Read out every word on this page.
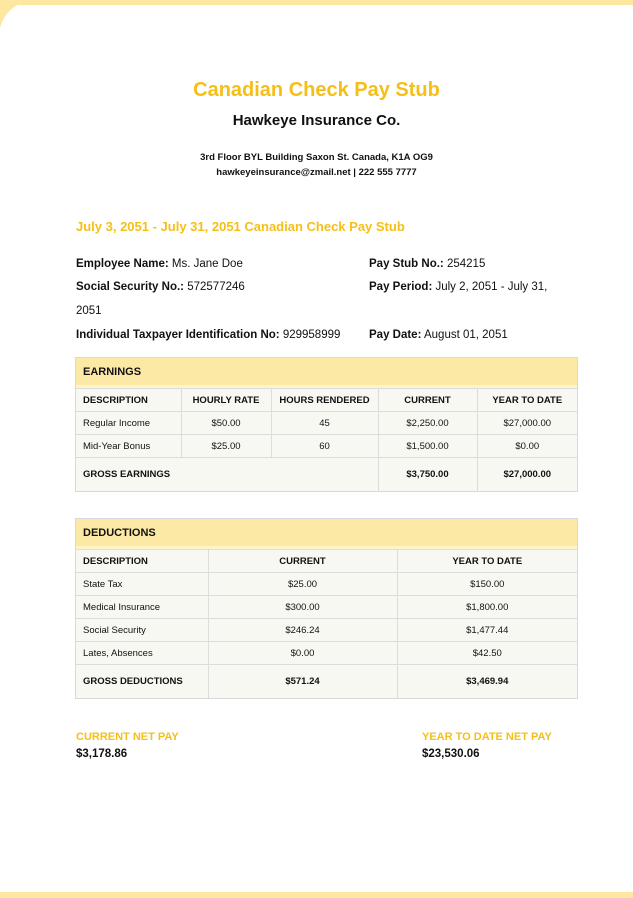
Canadian Check Pay Stub
Hawkeye Insurance Co.
3rd Floor BYL Building Saxon St. Canada, K1A OG9
hawkeyeinsurance@zmail.net | 222 555 7777
July 3, 2051 - July 31, 2051 Canadian Check Pay Stub
Employee Name: Ms. Jane Doe
Social Security No.: 572577246
2051
Individual Taxpayer Identification No: 929958999
Pay Stub No.: 254215
Pay Period: July 2, 2051 - July 31,
Pay Date: August 01, 2051
EARNINGS
DESCRIPTION	HOURLY RATE	HOURS RENDERED	CURRENT	YEAR TO DATE
Regular Income	$50.00	45	$2,250.00	$27,000.00
Mid-Year Bonus	$25.00	60	$1,500.00	$0.00
GROSS EARNINGS			$3,750.00	$27,000.00
DEDUCTIONS
DESCRIPTION	CURRENT	YEAR TO DATE
State Tax	$25.00	$150.00
Medical Insurance	$300.00	$1,800.00
Social Security	$246.24	$1,477.44
Lates, Absences	$0.00	$42.50
GROSS DEDUCTIONS	$571.24	$3,469.94
CURRENT NET PAY
$3,178.86
YEAR TO DATE NET PAY
$23,530.06
